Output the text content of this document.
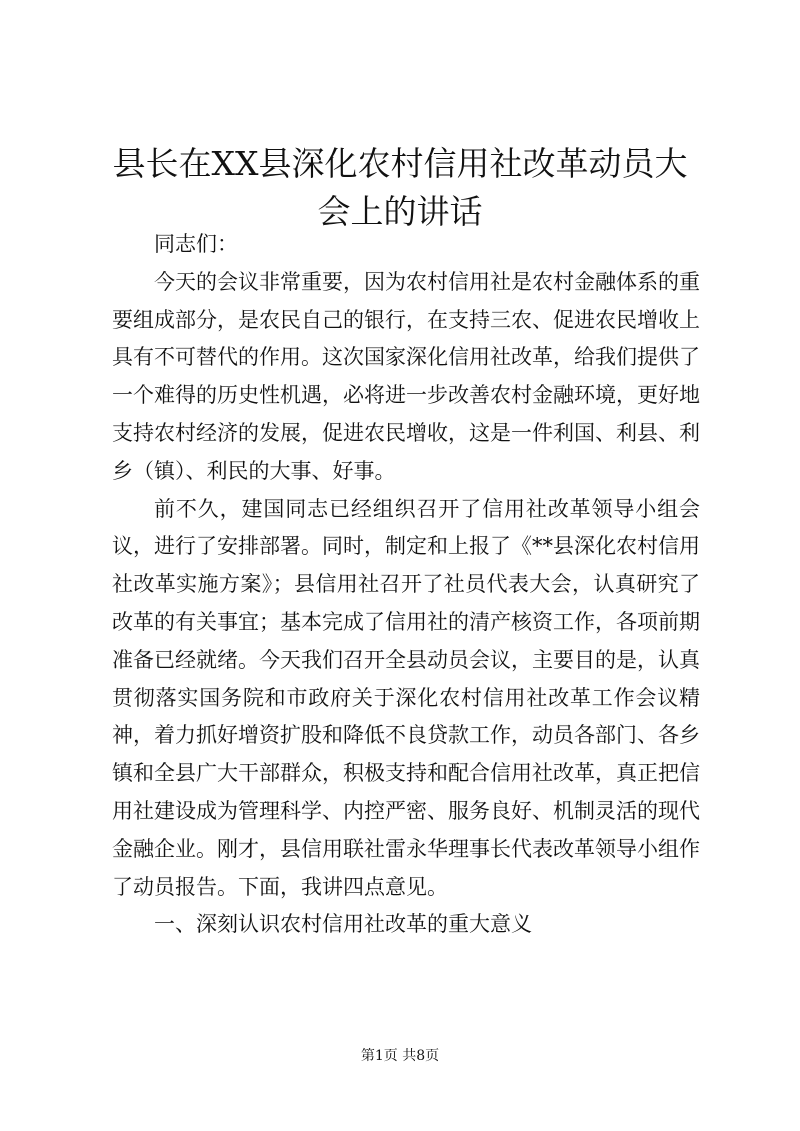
县长在XX县深化农村信用社改革动员大会上的讲话

同志们：

今天的会议非常重要，因为农村信用社是农村金融体系的重要组成部分，是农民自己的银行，在支持三农、促进农民增收上具有不可替代的作用。这次国家深化信用社改革，给我们提供了一个难得的历史性机遇，必将进一步改善农村金融环境，更好地支持农村经济的发展，促进农民增收，这是一件利国、利县、利乡（镇）、利民的大事、好事。

前不久，建国同志已经组织召开了信用社改革领导小组会议，进行了安排部署。同时，制定和上报了《**县深化农村信用社改革实施方案》；县信用社召开了社员代表大会，认真研究了改革的有关事宜；基本完成了信用社的清产核资工作，各项前期准备已经就绪。今天我们召开全县动员会议，主要目的是，认真贯彻落实国务院和市政府关于深化农村信用社改革工作会议精神，着力抓好增资扩股和降低不良贷款工作，动员各部门、各乡镇和全县广大干部群众，积极支持和配合信用社改革，真正把信用社建设成为管理科学、内控严密、服务良好、机制灵活的现代金融企业。刚才，县信用联社雷永华理事长代表改革领导小组作了动员报告。下面，我讲四点意见。

一、深刻认识农村信用社改革的重大意义

第1页 共8页
